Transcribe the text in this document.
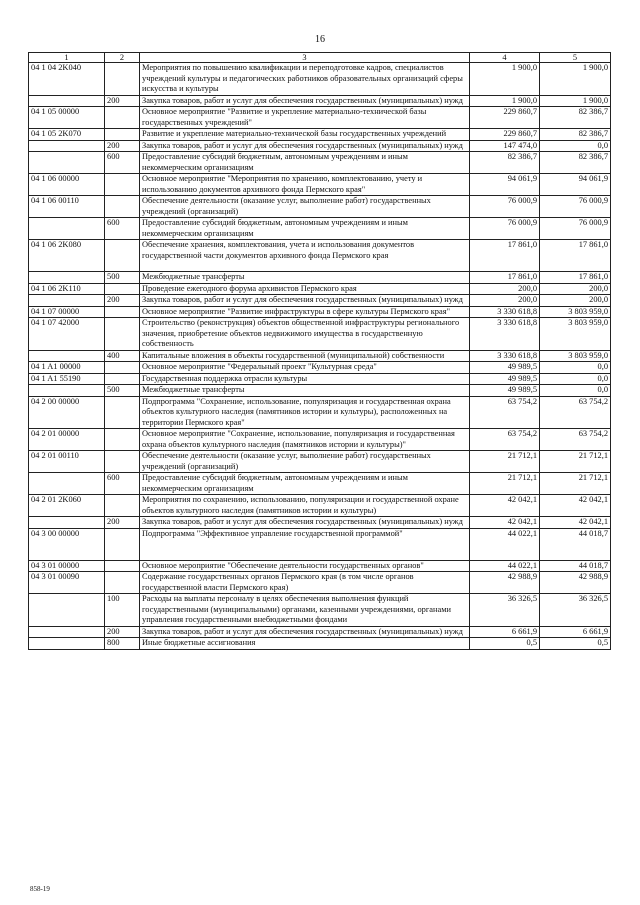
16
1	2	3	4	5
04 1 04 2K040		Мероприятия по повышению квалификации и переподготовке кадров, специалистов учреждений культуры и педагогических работников образовательных организаций сферы искусства и культуры	1 900,0	1 900,0
	200	Закупка товаров, работ и услуг для обеспечения государственных (муниципальных) нужд	1 900,0	1 900,0
04 1 05 00000		Основное мероприятие "Развитие и укрепление материально-технической базы государственных учреждений"	229 860,7	82 386,7
04 1 05 2K070		Развитие и укрепление материально-технической базы государственных учреждений	229 860,7	82 386,7
	200	Закупка товаров, работ и услуг для обеспечения государственных (муниципальных) нужд	147 474,0	0,0
	600	Предоставление субсидий бюджетным, автономным учреждениям и иным некоммерческим организациям	82 386,7	82 386,7
04 1 06 00000		Основное мероприятие "Мероприятия по хранению, комплектованию, учету и использованию документов архивного фонда Пермского края"	94 061,9	94 061,9
04 1 06 00110		Обеспечение деятельности (оказание услуг, выполнение работ) государственных учреждений (организаций)	76 000,9	76 000,9
	600	Предоставление субсидий бюджетным, автономным учреждениям и иным некоммерческим организациям	76 000,9	76 000,9
04 1 06 2K080		Обеспечение хранения, комплектования, учета и использования документов государственной части документов архивного фонда Пермского края	17 861,0	17 861,0
	500	Межбюджетные трансферты	17 861,0	17 861,0
04 1 06 2K110		Проведение ежегодного форума архивистов Пермского края	200,0	200,0
	200	Закупка товаров, работ и услуг для обеспечения государственных (муниципальных) нужд	200,0	200,0
04 1 07 00000		Основное мероприятие "Развитие инфраструктуры в сфере культуры Пермского края"	3 330 618,8	3 803 959,0
04 1 07 42000		Строительство (реконструкция) объектов общественной инфраструктуры регионального значения, приобретение объектов недвижимого имущества в государственную собственность	3 330 618,8	3 803 959,0
	400	Капитальные вложения в объекты государственной (муниципальной) собственности	3 330 618,8	3 803 959,0
04 1 A1 00000		Основное мероприятие "Федеральный проект "Культурная среда"	49 989,5	0,0
04 1 A1 55190		Государственная поддержка отрасли культуры	49 989,5	0,0
	500	Межбюджетные трансферты	49 989,5	0,0
04 2 00 00000		Подпрограмма "Сохранение, использование, популяризация и государственная охрана объектов культурного наследия (памятников истории и культуры), расположенных на территории Пермского края"	63 754,2	63 754,2
04 2 01 00000		Основное мероприятие "Сохранение, использование, популяризация и государственная охрана объектов культурного наследия (памятников истории и культуры)"	63 754,2	63 754,2
04 2 01 00110		Обеспечение деятельности (оказание услуг, выполнение работ) государственных учреждений (организаций)	21 712,1	21 712,1
	600	Предоставление субсидий бюджетным, автономным учреждениям и иным некоммерческим организациям	21 712,1	21 712,1
04 2 01 2K060		Мероприятия по сохранению, использованию, популяризации и государственной охране объектов культурного наследия (памятников истории и культуры)	42 042,1	42 042,1
	200	Закупка товаров, работ и услуг для обеспечения государственных (муниципальных) нужд	42 042,1	42 042,1
04 3 00 00000		Подпрограмма "Эффективное управление государственной программой"	44 022,1	44 018,7
04 3 01 00000		Основное мероприятие "Обеспечение деятельности государственных органов"	44 022,1	44 018,7
04 3 01 00090		Содержание государственных органов Пермского края (в том числе органов государственной власти Пермского края)	42 988,9	42 988,9
	100	Расходы на выплаты персоналу в целях обеспечения выполнения функций государственными (муниципальными) органами, казенными учреждениями, органами управления государственными внебюджетными фондами	36 326,5	36 326,5
	200	Закупка товаров, работ и услуг для обеспечения государственных (муниципальных) нужд	6 661,9	6 661,9
	800	Иные бюджетные ассигнования	0,5	0,5
858-19
